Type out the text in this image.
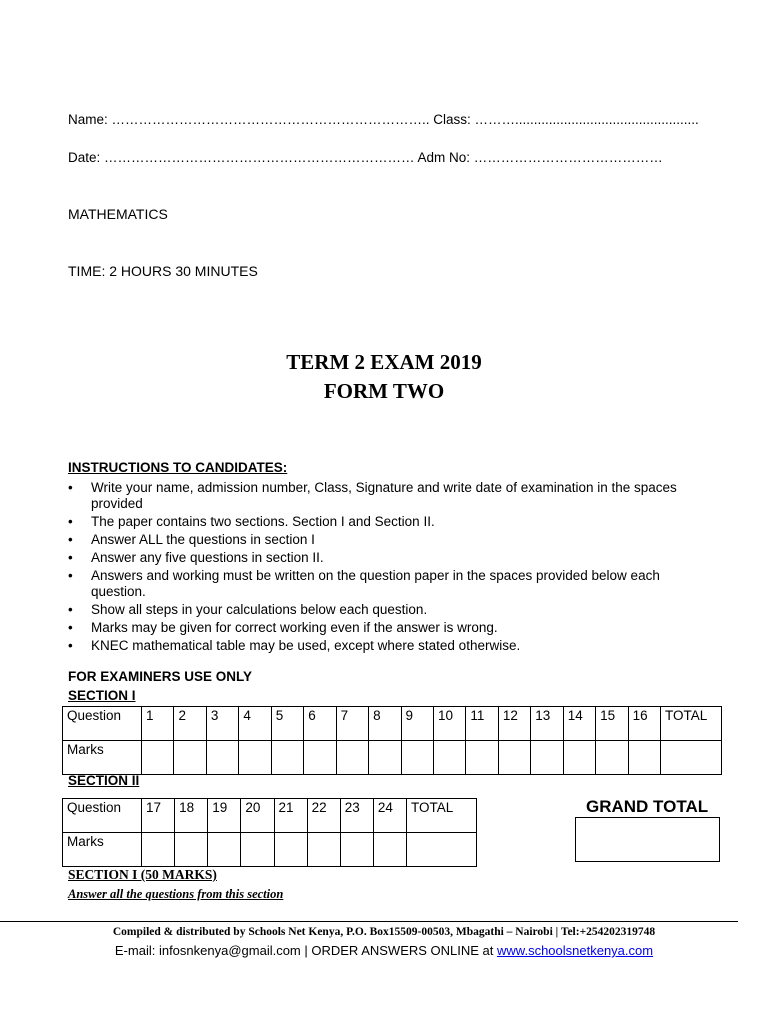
Name: …………………………………………………………….. Class: ……….................................................
Date: …………………………………………………………… Adm No: ……………………………………
MATHEMATICS
TIME: 2 HOURS 30 MINUTES
TERM 2 EXAM 2019
FORM TWO
INSTRUCTIONS TO CANDIDATES:
• Write your name, admission number, Class, Signature and write date of examination in the spaces provided
• The paper contains two sections. Section I and Section II.
• Answer ALL the questions in section I
• Answer any five questions in section II.
• Answers and working must be written on the question paper in the spaces provided below each question.
• Show all steps in your calculations below each question.
• Marks may be given for correct working even if the answer is wrong.
• KNEC mathematical table may be used, except where stated otherwise.
FOR EXAMINERS USE ONLY
SECTION I
Question	1	2	3	4	5	6	7	8	9	10	11	12	13	14	15	16	TOTAL
Marks																	
SECTION II
Question	17	18	19	20	21	22	23	24	TOTAL
Marks									
GRAND TOTAL
SECTION I (50 MARKS)
Answer all the questions from this section
Compiled & distributed by Schools Net Kenya, P.O. Box15509-00503, Mbagathi – Nairobi | Tel:+254202319748
E-mail: infosnkenya@gmail.com | ORDER ANSWERS ONLINE at www.schoolsnetkenya.com
